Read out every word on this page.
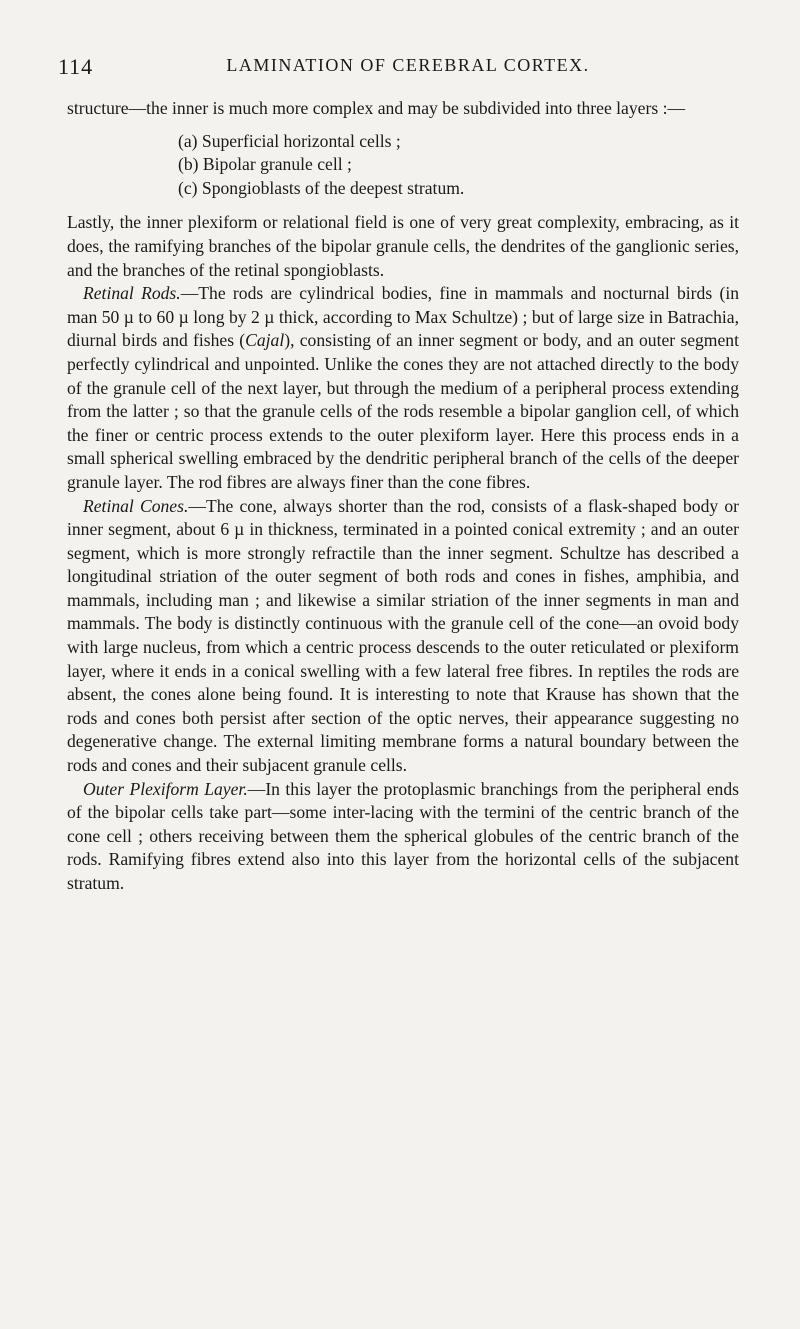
114	LAMINATION OF CEREBRAL CORTEX.

structure—the inner is much more complex and may be subdivided into three layers :—

(a) Superficial horizontal cells ;
(b) Bipolar granule cell ;
(c) Spongioblasts of the deepest stratum.

Lastly, the inner plexiform or relational field is one of very great complexity, embracing, as it does, the ramifying branches of the bipolar granule cells, the dendrites of the ganglionic series, and the branches of the retinal spongioblasts.

Retinal Rods.—The rods are cylindrical bodies, fine in mammals and nocturnal birds (in man 50 µ to 60 µ long by 2 µ thick, according to Max Schultze) ; but of large size in Batrachia, diurnal birds and fishes (Cajal), consisting of an inner segment or body, and an outer segment perfectly cylindrical and unpointed. Unlike the cones they are not attached directly to the body of the granule cell of the next layer, but through the medium of a peripheral process extending from the latter ; so that the granule cells of the rods resemble a bipolar ganglion cell, of which the finer or centric process extends to the outer plexiform layer. Here this process ends in a small spherical swelling embraced by the dendritic peripheral branch of the cells of the deeper granule layer. The rod fibres are always finer than the cone fibres.

Retinal Cones.—The cone, always shorter than the rod, consists of a flask-shaped body or inner segment, about 6 µ in thickness, terminated in a pointed conical extremity ; and an outer segment, which is more strongly refractile than the inner segment. Schultze has described a longitudinal striation of the outer segment of both rods and cones in fishes, amphibia, and mammals, including man ; and likewise a similar striation of the inner segments in man and mammals. The body is distinctly continuous with the granule cell of the cone—an ovoid body with large nucleus, from which a centric process descends to the outer reticulated or plexiform layer, where it ends in a conical swelling with a few lateral free fibres. In reptiles the rods are absent, the cones alone being found. It is interesting to note that Krause has shown that the rods and cones both persist after section of the optic nerves, their appearance suggesting no degenerative change. The external limiting membrane forms a natural boundary between the rods and cones and their subjacent granule cells.

Outer Plexiform Layer.—In this layer the protoplasmic branchings from the peripheral ends of the bipolar cells take part—some inter-lacing with the termini of the centric branch of the cone cell ; others receiving between them the spherical globules of the centric branch of the rods. Ramifying fibres extend also into this layer from the horizontal cells of the subjacent stratum.
